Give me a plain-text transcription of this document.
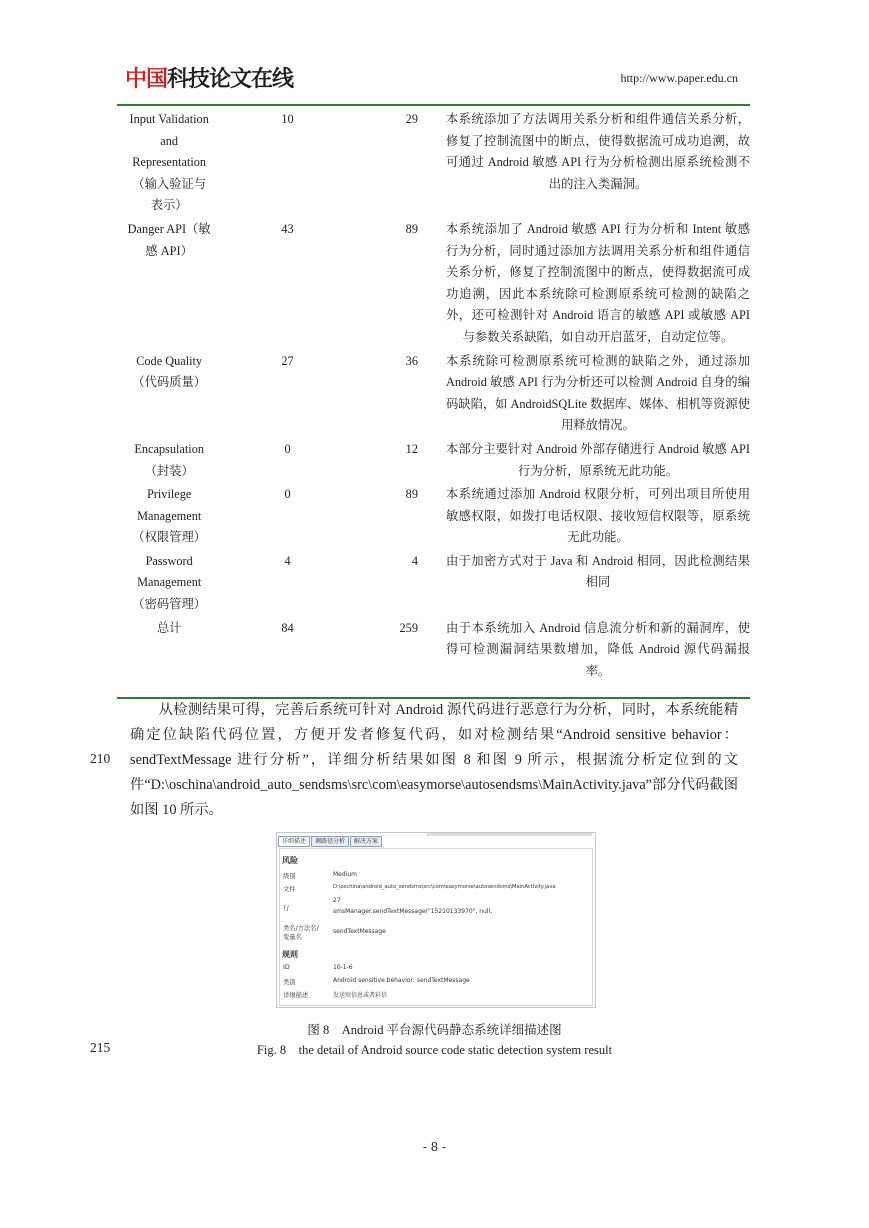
中国科技论文在线	http://www.paper.edu.cn
Input Validation
and
Representation
（输入验证与
表示）	10	29	本系统添加了方法调用关系分析和组件通信关系分析，修复了控制流图中的断点，使得数据流可成功追溯，故可通过 Android 敏感 API 行为分析检测出原系统检测不出的注入类漏洞。

Danger API（敏
感 API）	43	89	本系统添加了 Android 敏感 API 行为分析和 Intent 敏感行为分析，同时通过添加方法调用关系分析和组件通信关系分析，修复了控制流图中的断点，使得数据流可成功追溯，因此本系统除可检测原系统可检测的缺陷之外，还可检测针对 Android 语言的敏感 API 或敏感 API 与参数关系缺陷，如自动开启蓝牙，自动定位等。

Code Quality
（代码质量）	27	36	本系统除可检测原系统可检测的缺陷之外，通过添加 Android 敏感 API 行为分析还可以检测 Android 自身的编码缺陷，如 AndroidSQLite 数据库、媒体、相机等资源使用释放情况。

Encapsulation
（封装）	0	12	本部分主要针对 Android 外部存储进行 Android 敏感 API 行为分析，原系统无此功能。

Privilege
Management
（权限管理）	0	89	本系统通过添加 Android 权限分析，可列出项目所使用敏感权限，如拨打电话权限、接收短信权限等，原系统无此功能。

Password
Management
（密码管理）	4	4	由于加密方式对于 Java 和 Android 相同，因此检测结果相同

总计	84	259	由于本系统加入 Android 信息流分析和新的漏洞库，使得可检测漏洞结果数增加，降低 Android 源代码漏报率。

从检测结果可得，完善后系统可针对 Android 源代码进行恶意行为分析，同时，本系统能精确定位缺陷代码位置，方便开发者修复代码，如对检测结果“Android sensitive behavior：sendTextMessage 进行分析”，详细分析结果如图 8 和图 9 所示，根据流分析定位到的文件“D:\oschina\android_auto_sendsms\src\com\easymorse\autosendsms\MainActivity.java”部分代码截图如图 10 所示。

210
详细描述	调路径分析	解决方案
风险
级别	Medium
文件	D:\oschina\android_auto_sendsms\src\com\easymorse\autosendsms\MainActivity.java
行
27
smsManager.sendTextMessage("15210133970", null,
类名/方法名/
变量名
sendTextMessage
规则
ID	10-1-6
类别	Android sensitive behavior: sendTextMessage
详细描述	发送短信息或者彩信
图 8　Android 平台源代码静态系统详细描述图
Fig. 8　the detail of Android source code static detection system result
215
- 8 -
